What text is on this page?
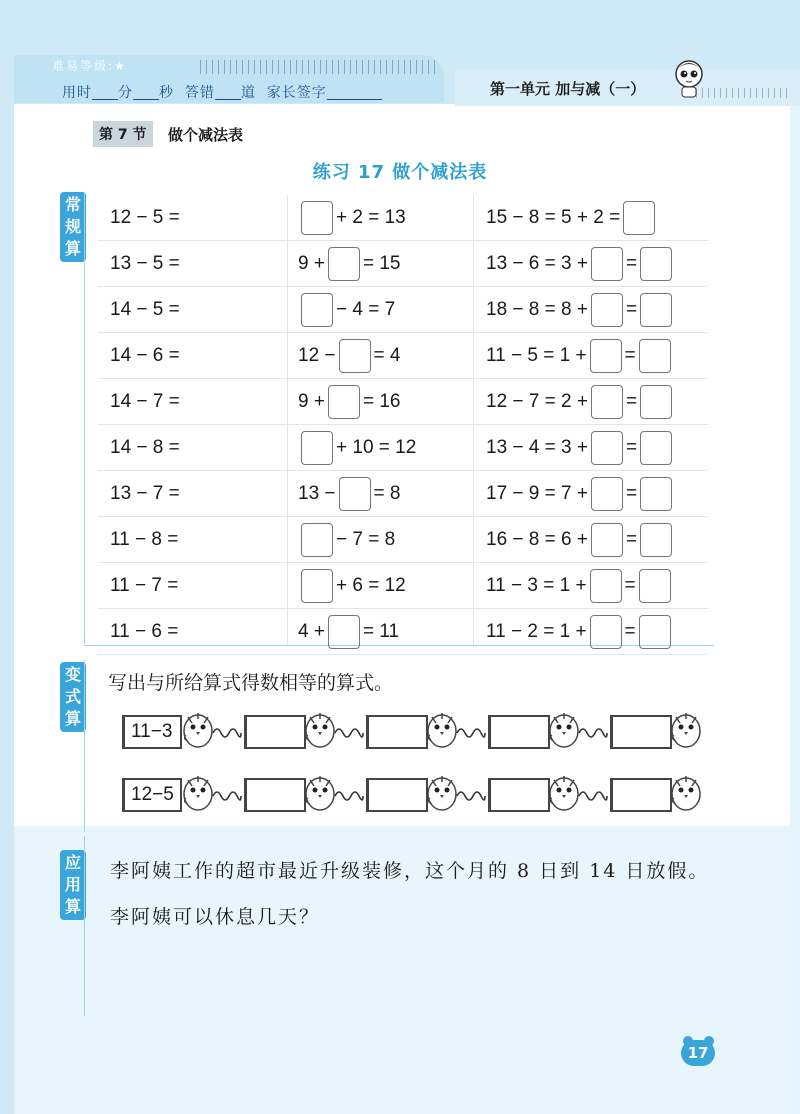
难易等级:★
用时 分 秒 答错 道 家长签字	第一单元 加与减（一）
第 7 节	做个减法表
练习 17 做个减法表
常规算
12 − 5 =	+ 2 = 13	15 − 8 = 5 + 2 =
13 − 5 =	9 + = 15	13 − 6 = 3 + =
14 − 5 =	− 4 = 7	18 − 8 = 8 + =
14 − 6 =	12 − = 4	11 − 5 = 1 + =
14 − 7 =	9 + = 16	12 − 7 = 2 + =
14 − 8 =	+ 10 = 12	13 − 4 = 3 + =
13 − 7 =	13 − = 8	17 − 9 = 7 + =
11 − 8 =	− 7 = 8	16 − 8 = 6 + =
11 − 7 =	+ 6 = 12	11 − 3 = 1 + =
11 − 6 =	4 + = 11	11 − 2 = 1 + =
变式算
写出与所给算式得数相等的算式。
11−3
12−5
应用算
李阿姨工作的超市最近升级装修，这个月的 8 日到 14 日放假。李阿姨可以休息几天？
17
